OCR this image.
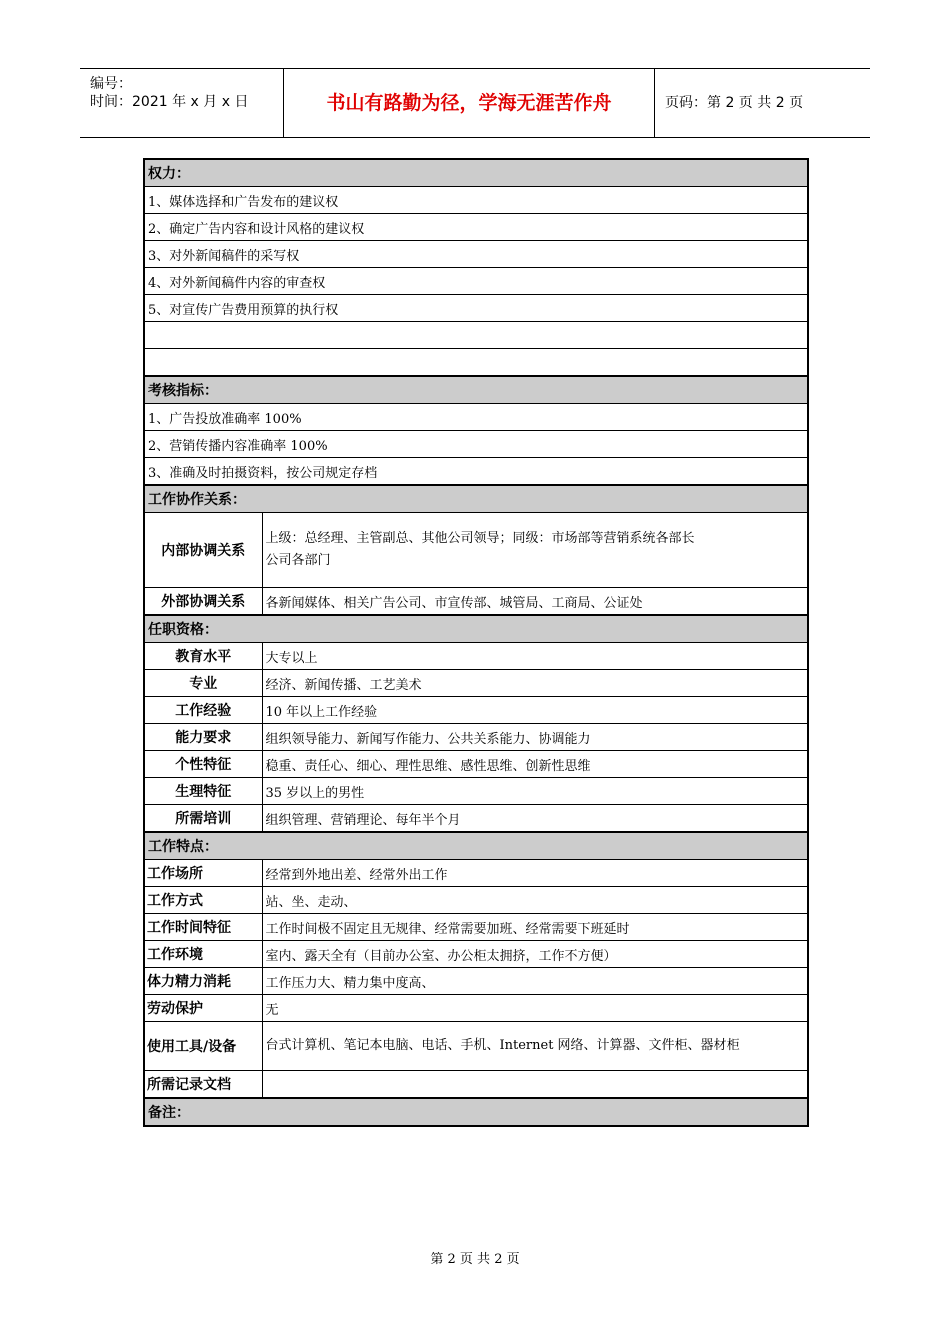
编号：
时间：2021 年 x 月 x 日	书山有路勤为径，学海无涯苦作舟	页码：第 2 页 共 2 页
权力：	
1、媒体选择和广告发布的建议权	
2、确定广告内容和设计风格的建议权	
3、对外新闻稿件的采写权	
4、对外新闻稿件内容的审查权	
5、对宣传广告费用预算的执行权	

考核指标：	
1、广告投放准确率 100%	
2、营销传播内容准确率 100%	
3、准确及时拍摄资料，按公司规定存档	
工作协作关系：	
内部协调关系	上级：总经理、主管副总、其他公司领导；同级：市场部等营销系统各部长
公司各部门

外部协调关系	各新闻媒体、相关广告公司、市宣传部、城管局、工商局、公证处
任职资格：	
教育水平	大专以上
专业	经济、新闻传播、工艺美术
工作经验	10 年以上工作经验
能力要求	组织领导能力、新闻写作能力、公共关系能力、协调能力
个性特征	稳重、责任心、细心、理性思维、感性思维、创新性思维
生理特征	35 岁以上的男性
所需培训	组织管理、营销理论、每年半个月
工作特点：	
工作场所	经常到外地出差、经常外出工作
工作方式	站、坐、走动、
工作时间特征	工作时间极不固定且无规律、经常需要加班、经常需要下班延时
工作环境	室内、露天全有（目前办公室、办公柜太拥挤，工作不方便）
体力精力消耗	工作压力大、精力集中度高、
劳动保护	无
使用工具/设备	台式计算机、笔记本电脑、电话、手机、Internet 网络、计算器、文件柜、器材柜
所需记录文档	
备注：	
第 2 页 共 2 页
